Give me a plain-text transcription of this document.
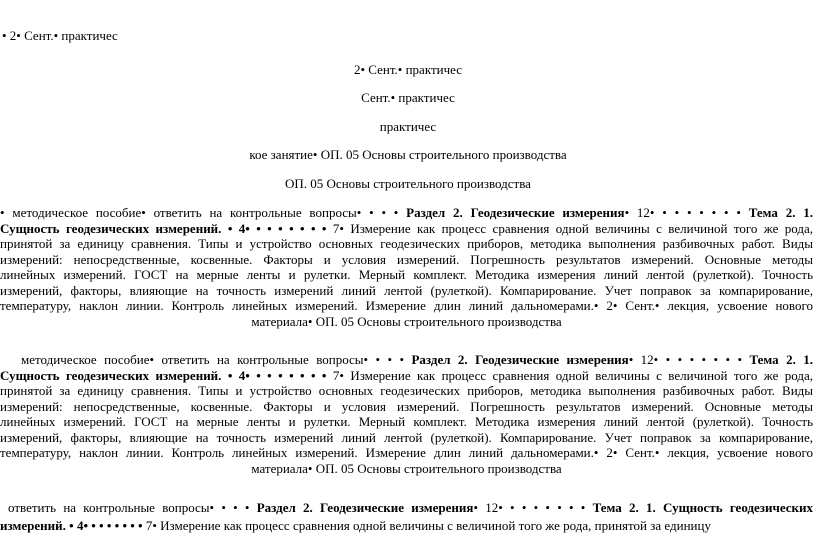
• 2• Сент.• практичес
2• Сент.• практичес
Сент.• практичес
практичес
кое занятие• ОП. 05 Основы строительного производства
ОП. 05 Основы строительного производства
• методическое пособие• ответить на контрольные вопросы• • • • Раздел 2. Геодезические измерения• 12• • • • • • • • Тема 2. 1.
Сущность геодезических измерений. • 4• • • • • • • • 7• Измерение как процесс сравнения одной величины с величиной того же рода,
принятой за единицу сравнения. Типы и устройство основных геодезических приборов, методика выполнения разбивочных работ. Виды
измерений: непосредственные, косвенные. Факторы и условия измерений. Погрешность результатов измерений. Основные методы
линейных измерений. ГОСТ на мерные ленты и рулетки. Мерный комплект. Методика измерения линий лентой (рулеткой). Точность
измерений, факторы, влияющие на точность измерений линий лентой (рулеткой). Компарирование. Учет поправок за компарирование,
температуру, наклон линии. Контроль линейных измерений. Измерение длин линий дальномерами.• 2• Сент.• лекция, усвоение нового
материала• ОП. 05 Основы строительного производства
методическое пособие• ответить на контрольные вопросы• • • • Раздел 2. Геодезические измерения• 12• • • • • • • • Тема 2. 1.
Сущность геодезических измерений. • 4• • • • • • • • 7• Измерение как процесс сравнения одной величины с величиной того же рода,
принятой за единицу сравнения. Типы и устройство основных геодезических приборов, методика выполнения разбивочных работ. Виды
измерений: непосредственные, косвенные. Факторы и условия измерений. Погрешность результатов измерений. Основные методы
линейных измерений. ГОСТ на мерные ленты и рулетки. Мерный комплект. Методика измерения линий лентой (рулеткой). Точность
измерений, факторы, влияющие на точность измерений линий лентой (рулеткой). Компарирование. Учет поправок за компарирование,
температуру, наклон линии. Контроль линейных измерений. Измерение длин линий дальномерами.• 2• Сент.• лекция, усвоение нового
материала• ОП. 05 Основы строительного производства
ответить на контрольные вопросы• • • • Раздел 2. Геодезические измерения• 12• • • • • • • • Тема 2. 1. Сущность геодезических
измерений. • 4• • • • • • • • 7• Измерение как процесс сравнения одной величины с величиной того же рода, принятой за единицу
